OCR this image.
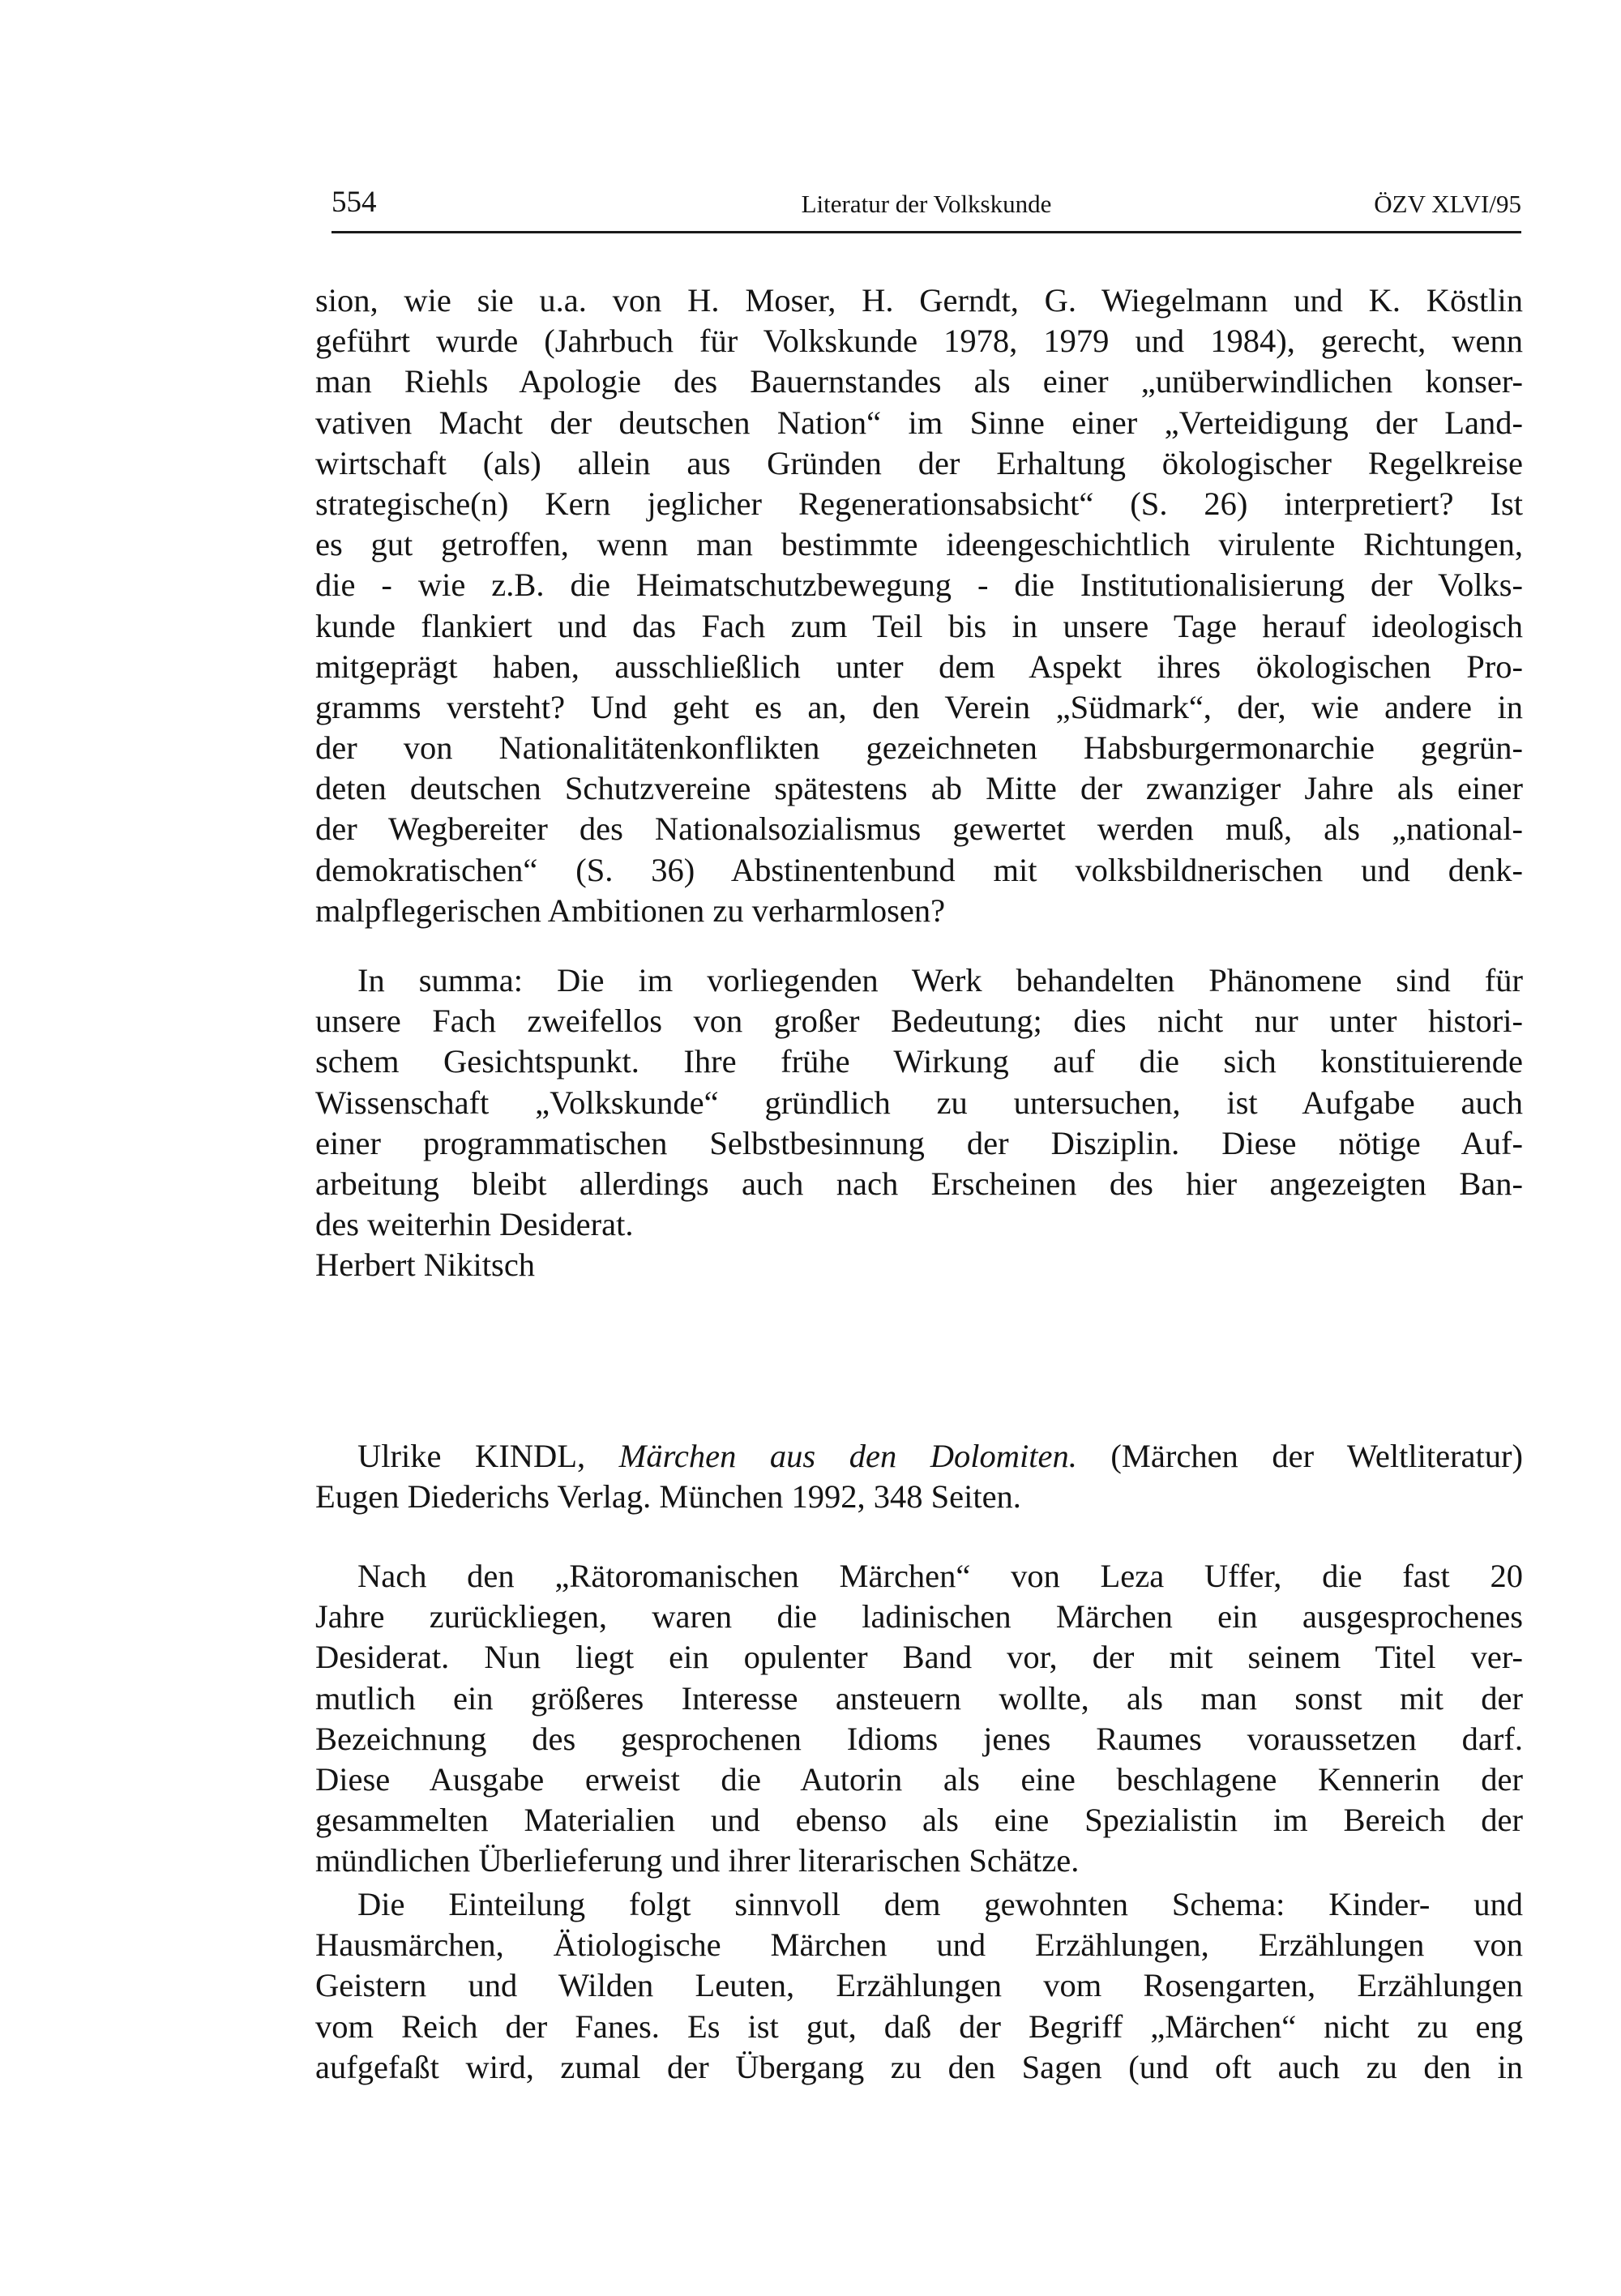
554	Literatur der Volkskunde	ÖZV XLVI/95
sion, wie sie u.a. von H. Moser, H. Gerndt, G. Wiegelmann und K. Köstlin
geführt wurde (Jahrbuch für Volkskunde 1978, 1979 und 1984), gerecht, wenn
man Riehls Apologie des Bauernstandes als einer „unüberwindlichen konser-
vativen Macht der deutschen Nation“ im Sinne einer „Verteidigung der Land-
wirtschaft (als) allein aus Gründen der Erhaltung ökologischer Regelkreise
strategische(n) Kern jeglicher Regenerationsabsicht“ (S. 26) interpretiert? Ist
es gut getroffen, wenn man bestimmte ideengeschichtlich virulente Richtungen,
die - wie z.B. die Heimatschutzbewegung - die Institutionalisierung der Volks-
kunde flankiert und das Fach zum Teil bis in unsere Tage herauf ideologisch
mitgeprägt haben, ausschließlich unter dem Aspekt ihres ökologischen Pro-
gramms versteht? Und geht es an, den Verein „Südmark“, der, wie andere in
der von Nationalitätenkonflikten gezeichneten Habsburgermonarchie gegrün-
deten deutschen Schutzvereine spätestens ab Mitte der zwanziger Jahre als einer
der Wegbereiter des Nationalsozialismus gewertet werden muß, als „national-
demokratischen“ (S. 36) Abstinentenbund mit volksbildnerischen und denk-
malpflegerischen Ambitionen zu verharmlosen?
In summa: Die im vorliegenden Werk behandelten Phänomene sind für
unsere Fach zweifellos von großer Bedeutung; dies nicht nur unter histori-
schem Gesichtspunkt. Ihre frühe Wirkung auf die sich konstituierende
Wissenschaft „Volkskunde“ gründlich zu untersuchen, ist Aufgabe auch
einer programmatischen Selbstbesinnung der Disziplin. Diese nötige Auf-
arbeitung bleibt allerdings auch nach Erscheinen des hier angezeigten Ban-
des weiterhin Desiderat.
Herbert Nikitsch
Ulrike KINDL, Märchen aus den Dolomiten. (Märchen der Weltliteratur)
Eugen Diederichs Verlag. München 1992, 348 Seiten.
Nach den „Rätoromanischen Märchen“ von Leza Uffer, die fast 20
Jahre zurückliegen, waren die ladinischen Märchen ein ausgesprochenes
Desiderat. Nun liegt ein opulenter Band vor, der mit seinem Titel ver-
mutlich ein größeres Interesse ansteuern wollte, als man sonst mit der
Bezeichnung des gesprochenen Idioms jenes Raumes voraussetzen darf.
Diese Ausgabe erweist die Autorin als eine beschlagene Kennerin der
gesammelten Materialien und ebenso als eine Spezialistin im Bereich der
mündlichen Überlieferung und ihrer literarischen Schätze.
Die Einteilung folgt sinnvoll dem gewohnten Schema: Kinder- und
Hausmärchen, Ätiologische Märchen und Erzählungen, Erzählungen von
Geistern und Wilden Leuten, Erzählungen vom Rosengarten, Erzählungen
vom Reich der Fanes. Es ist gut, daß der Begriff „Märchen“ nicht zu eng
aufgefaßt wird, zumal der Übergang zu den Sagen (und oft auch zu den in
